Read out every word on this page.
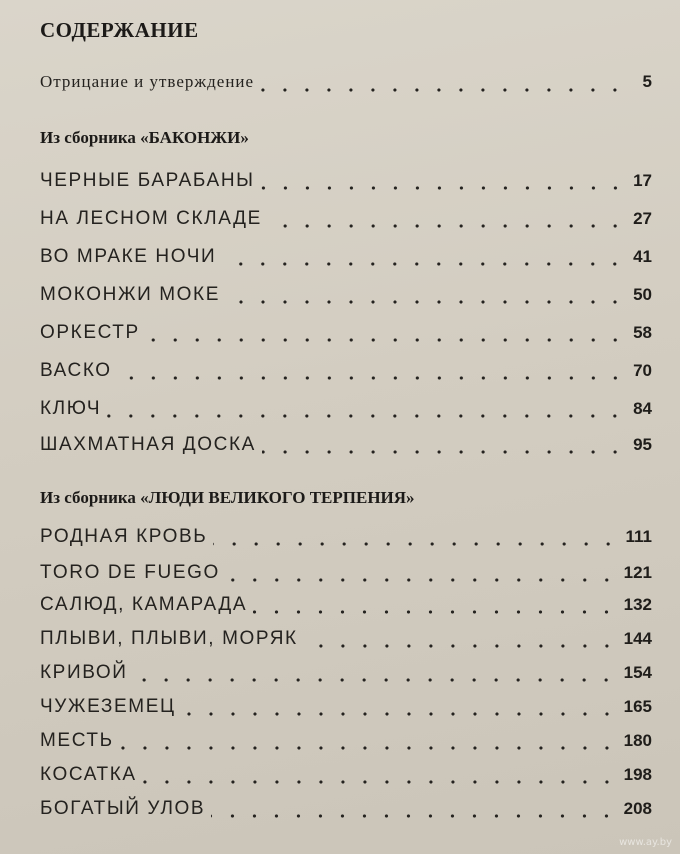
СОДЕРЖАНИЕ
Отрицание и утверждение	5
Из сборника «БАКОНЖИ»
ЧЕРНЫЕ БАРАБАНЫ	17
НА ЛЕСНОМ СКЛАДЕ	27
ВО МРАКЕ НОЧИ	41
МОКОНЖИ МОКЕ	50
ОРКЕСТР	58
ВАСКО	70
КЛЮЧ	84
ШАХМАТНАЯ ДОСКА	95
Из сборника «ЛЮДИ ВЕЛИКОГО ТЕРПЕНИЯ»
РОДНАЯ КРОВЬ	111
TORO DE FUEGO	121
САЛЮД, КАМАРАДА	132
ПЛЫВИ, ПЛЫВИ, МОРЯК	144
КРИВОЙ	154
ЧУЖЕЗЕМЕЦ	165
МЕСТЬ	180
КОСАТКА	198
БОГАТЫЙ УЛОВ	208
www.ay.by
